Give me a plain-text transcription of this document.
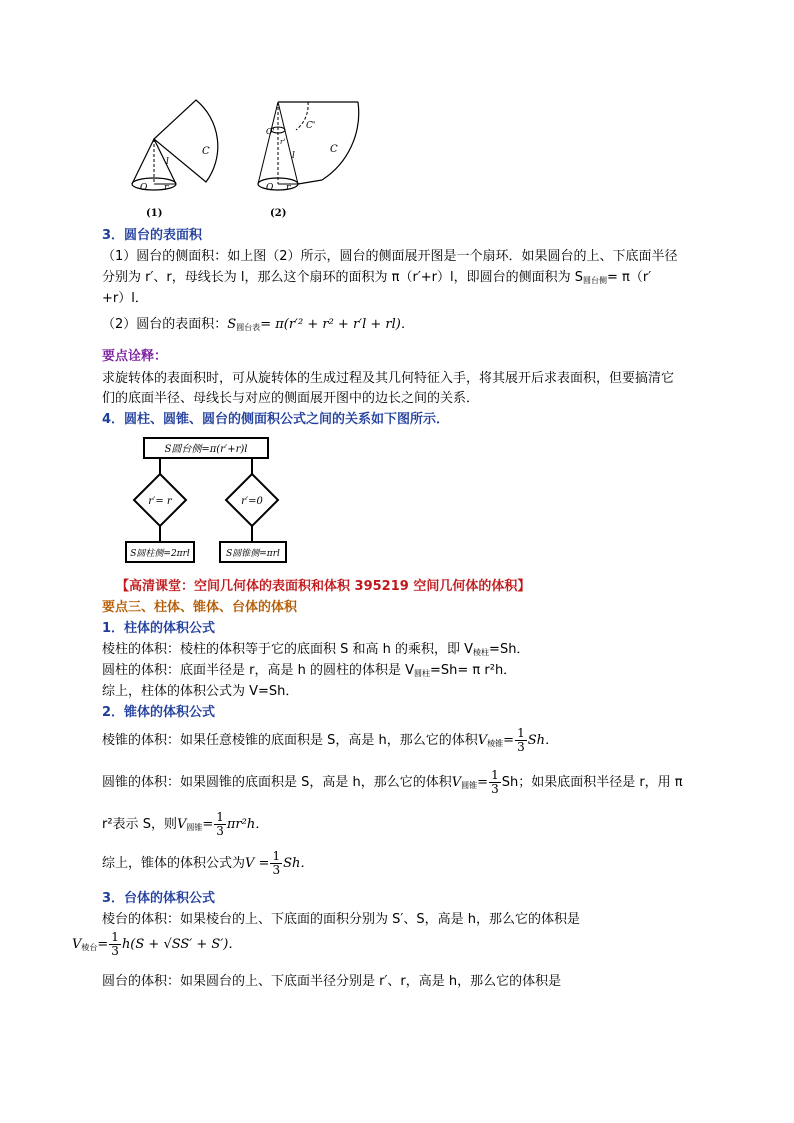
C
l
O r
(1)
C'
C
l
O'
r'
O r
(2)
3．圆台的表面积
（1）圆台的侧面积：如上图（2）所示，圆台的侧面展开图是一个扇环．如果圆台的上、下底面半径
分别为 r′、r，母线长为 l，那么这个扇环的面积为 π（r′+r）l，即圆台的侧面积为 $S_{圆台侧}= \pi(r'$
+r）l．
（2）圆台的表面积：$S_{圆台表}= \pi(r'^2 + r^2 + r'l + rl)$．
要点诠释：
求旋转体的表面积时，可从旋转体的生成过程及其几何特征入手，将其展开后求表面积，但要搞清它
们的底面半径、母线长与对应的侧面展开图中的边长之间的关系．
4．圆柱、圆锥、圆台的侧面积公式之间的关系如下图所示．
S圆台侧=π(r′+r)l
r′= r	r′=0
S圆柱侧=2πrl	S圆锥侧=πrl
【高清课堂：空间几何体的表面积和体积 395219 空间几何体的体积】
要点三、柱体、锥体、台体的体积
1．柱体的体积公式
棱柱的体积：棱柱的体积等于它的底面积 S 和高 h 的乘积，即 $V_{棱柱}=Sh$．
圆柱的体积：底面半径是 r，高是 h 的圆柱的体积是 $V_{圆柱}=Sh= \pi$ r²h．
综上，柱体的体积公式为 V=Sh．
2．锥体的体积公式
棱锥的体积：如果任意棱锥的底面积是 S，高是 h，那么它的体积$V_{棱锥}= \frac{1}{3}$ Sh．
圆锥的体积：如果圆锥的底面积是 S，高是 h，那么它的体积$V_{圆锥}= \frac{1}{3}$ Sh；如果底面积半径是 r，用 π
r²表示 S，则$V_{圆锥}= \frac{1}{3} \pi r^2h$．
综上，锥体的体积公式为$V = \frac{1}{3}$ Sh．
3．台体的体积公式
棱台的体积：如果棱台的上、下底面的面积分别为 S′、S，高是 h，那么它的体积是
$V_{棱台}= \frac{1}{3} h(S + √SS' + S')$．
圆台的体积：如果圆台的上、下底面半径分别是 r′、r，高是 h，那么它的体积是
